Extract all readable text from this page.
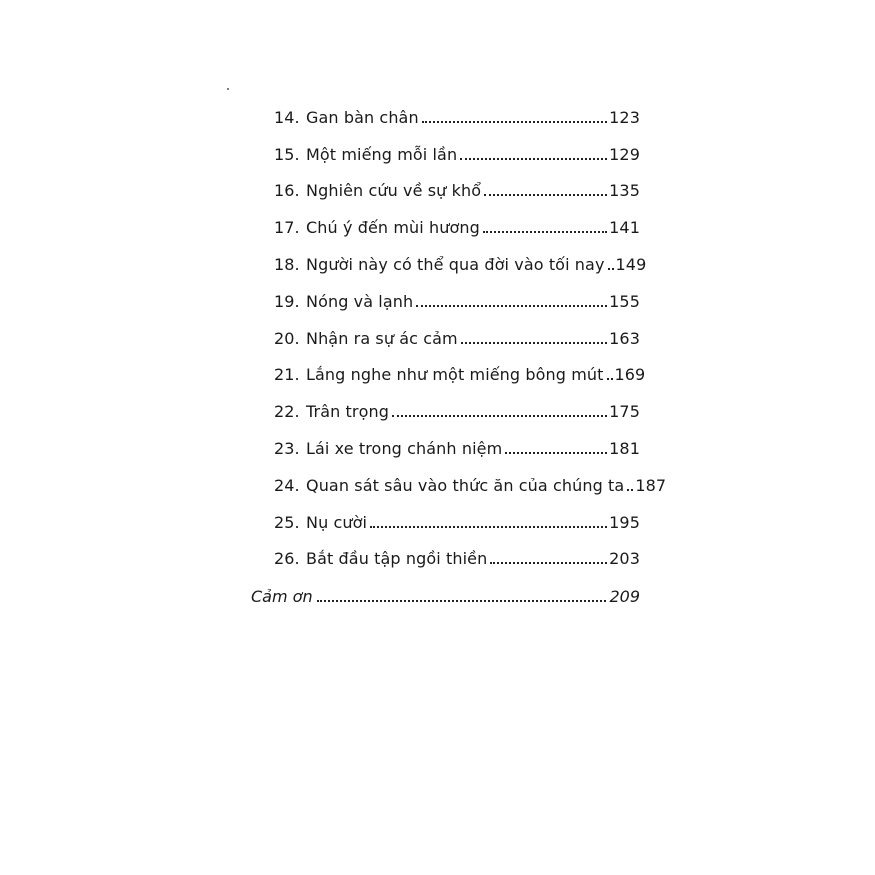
14. Gan bàn chân	123
15. Một miếng mỗi lần	129
16. Nghiên cứu về sự khổ	135
17. Chú ý đến mùi hương	141
18. Người này có thể qua đời vào tối nay 149
19. Nóng và lạnh	155
20. Nhận ra sự ác cảm	163
21. Lắng nghe như một miếng bông mút 169
22. Trân trọng	175
23. Lái xe trong chánh niệm	181
24. Quan sát sâu vào thức ăn của chúng ta 187
25. Nụ cười	195
26. Bắt đầu tập ngồi thiền	203
Cảm ơn	209
